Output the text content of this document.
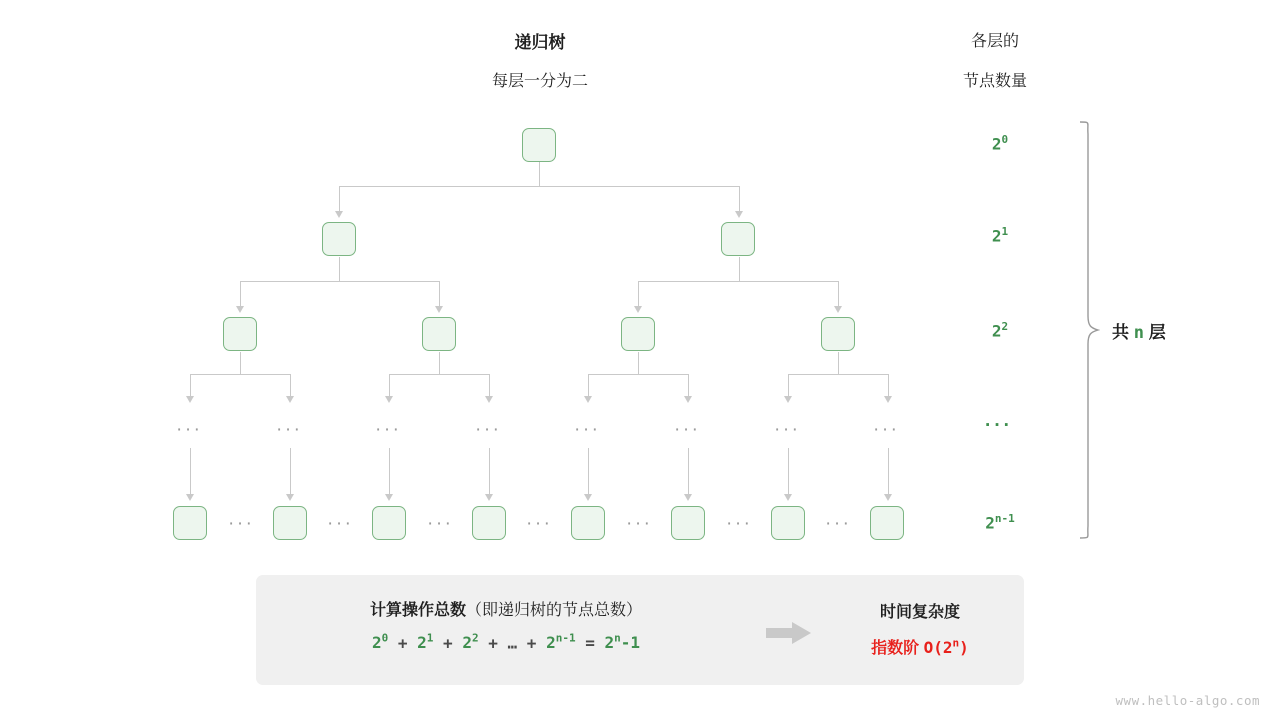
递归树
每层一分为二
各层的
节点数量
···	···	···	···	···	···	···	···
···	···	···	···	···	···	···
$2^0$
$2^1$
$2^2$
···
$2^{n-1}$
共 n 层
计算操作总数（即递归树的节点总数）
$2^0 + 2^1 + 2^2$ + … + $2^{n-1} = 2^n-1$
时间复杂度
指数阶 O(2$^n$)
www.hello-algo.com
